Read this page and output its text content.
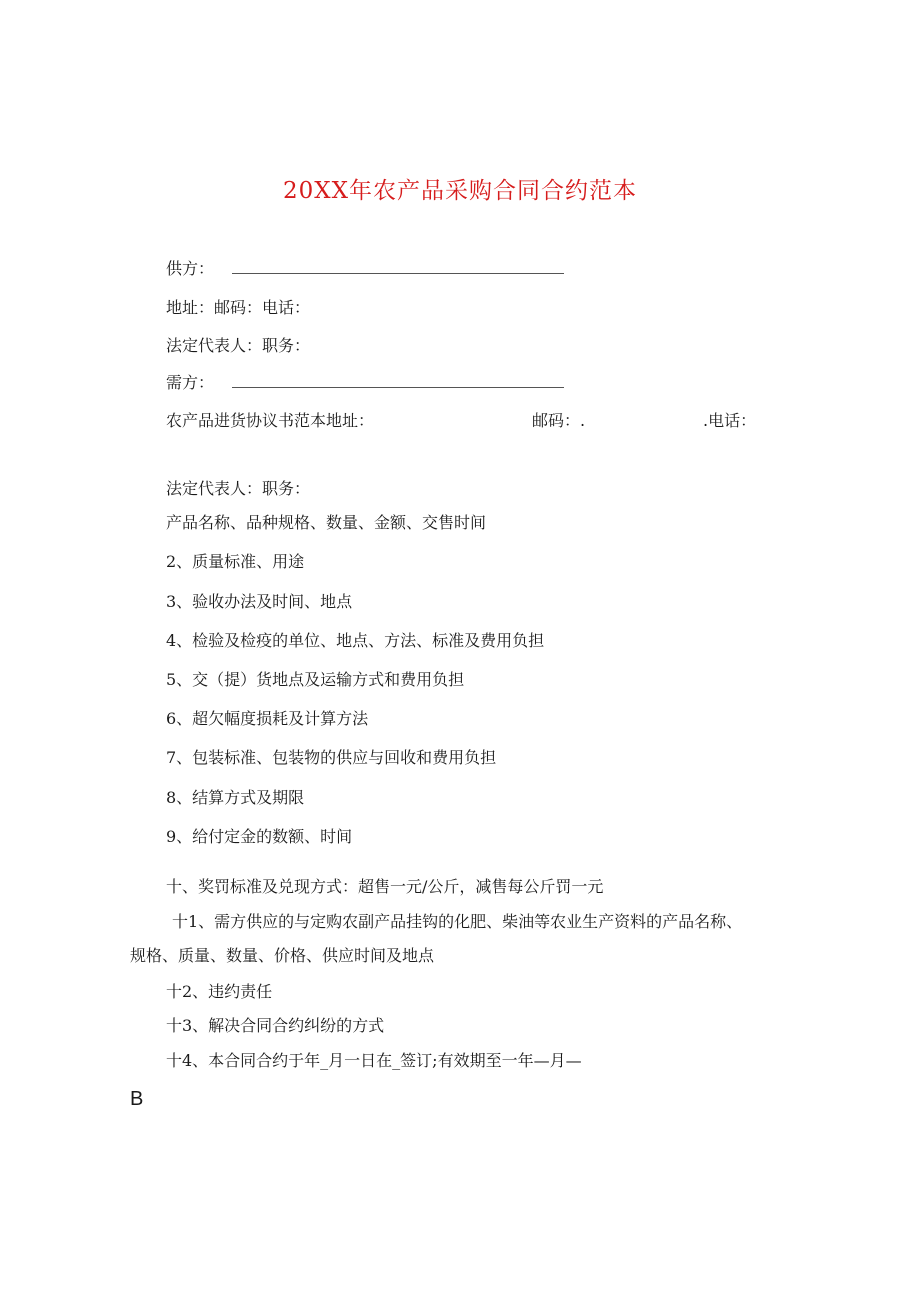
20XX年农产品采购合同合约范本
供方：
地址：邮码：电话：
法定代表人：职务：
需方：
农产品进货协议书范本地址：	邮码：.	.电话：
法定代表人：职务：
产品名称、品种规格、数量、金额、交售时间
2、质量标准、用途
3、验收办法及时间、地点
4、检验及检疫的单位、地点、方法、标准及费用负担
5、交（提）货地点及运输方式和费用负担
6、超欠幅度损耗及计算方法
7、包装标准、包装物的供应与回收和费用负担
8、结算方式及期限
9、给付定金的数额、时间
十、奖罚标准及兑现方式：超售一元/公斤，减售每公斤罚一元
十1、需方供应的与定购农副产品挂钩的化肥、柴油等农业生产资料的产品名称、
规格、质量、数量、价格、供应时间及地点
十2、违约责任
十3、解决合同合约纠纷的方式
十4、本合同合约于年_月一日在_签订;有效期至一年—月—
B
